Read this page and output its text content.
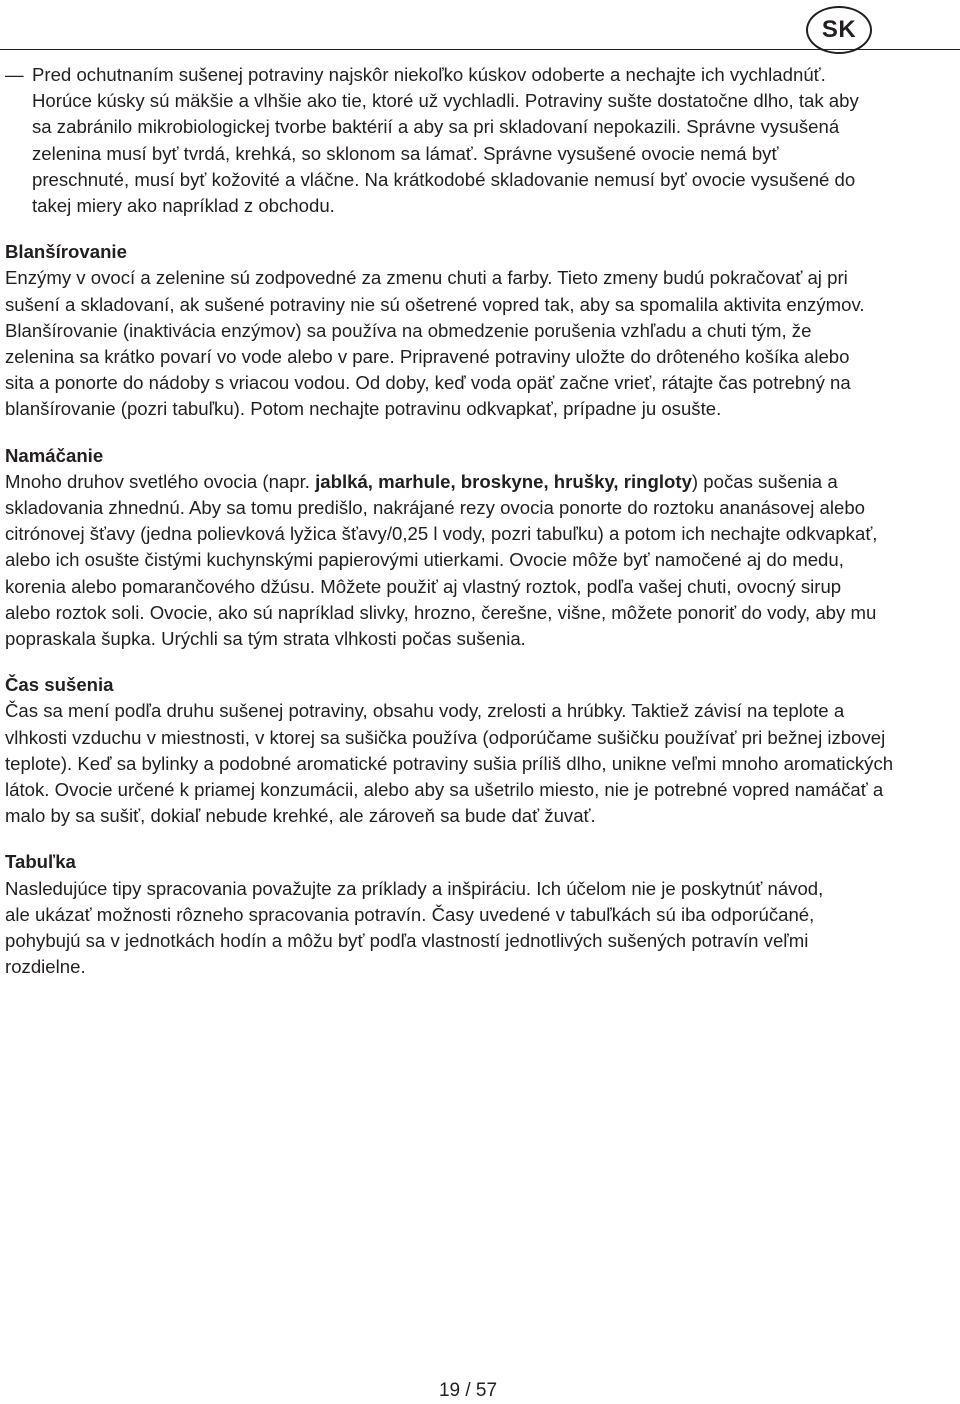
SK
— Pred ochutnaním sušenej potraviny najskôr niekoľko kúskov odoberte a nechajte ich vychladnúť. Horúce kúsky sú mäkšie a vlhšie ako tie, ktoré už vychladli. Potraviny sušte dostatočne dlho, tak aby sa zabránilo mikrobiologickej tvorbe baktérií a aby sa pri skladovaní nepokazili. Správne vysušená zelenina musí byť tvrdá, krehká, so sklonom sa lámať. Správne vysušené ovocie nemá byť preschnuté, musí byť kožovité a vláčne. Na krátkodobé skladovanie nemusí byť ovocie vysušené do takej miery ako napríklad z obchodu.

Blanšírovanie

Enzýmy v ovocí a zelenine sú zodpovedné za zmenu chuti a farby. Tieto zmeny budú pokračovať aj pri sušení a skladovaní, ak sušené potraviny nie sú ošetrené vopred tak, aby sa spomalila aktivita enzýmov. Blanšírovanie (inaktivácia enzýmov) sa používa na obmedzenie porušenia vzhľadu a chuti tým, že zelenina sa krátko povarí vo vode alebo v pare. Pripravené potraviny uložte do drôteného košíka alebo sita a ponorte do nádoby s vriacou vodou. Od doby, keď voda opäť začne vrieť, rátajte čas potrebný na blanšírovanie (pozri tabuľku). Potom nechajte potravinu odkvapkať, prípadne ju osušte.

Namáčanie

Mnoho druhov svetlého ovocia (napr. jablká, marhule, broskyne, hrušky, ringloty) počas sušenia a skladovania zhnednú. Aby sa tomu predišlo, nakrájané rezy ovocia ponorte do roztoku ananásovej alebo citrónovej šťavy (jedna polievková lyžica šťavy/0,25 l vody, pozri tabuľku) a potom ich nechajte odkvapkať, alebo ich osušte čistými kuchynskými papierovými utierkami. Ovocie môže byť namočené aj do medu, korenia alebo pomarančového džúsu. Môžete použiť aj vlastný roztok, podľa vašej chuti, ovocný sirup alebo roztok soli. Ovocie, ako sú napríklad slivky, hrozno, čerešne, višne, môžete ponoriť do vody, aby mu popraskala šupka. Urýchli sa tým strata vlhkosti počas sušenia.

Čas sušenia

Čas sa mení podľa druhu sušenej potraviny, obsahu vody, zrelosti a hrúbky. Taktiež závisí na teplote a vlhkosti vzduchu v miestnosti, v ktorej sa sušička používa (odporúčame sušičku používať pri bežnej izbovej teplote). Keď sa bylinky a podobné aromatické potraviny sušia príliš dlho, unikne veľmi mnoho aromatických látok. Ovocie určené k priamej konzumácii, alebo aby sa ušetrilo miesto, nie je potrebné vopred namáčať a malo by sa sušiť, dokiaľ nebude krehké, ale zároveň sa bude dať žuvať.

Tabuľka

Nasledujúce tipy spracovania považujte za príklady a inšpiráciu. Ich účelom nie je poskytnúť návod, ale ukázať možnosti rôzneho spracovania potravín. Časy uvedené v tabuľkách sú iba odporúčané, pohybujú sa v jednotkách hodín a môžu byť podľa vlastností jednotlivých sušených potravín veľmi rozdielne.

19 / 57
